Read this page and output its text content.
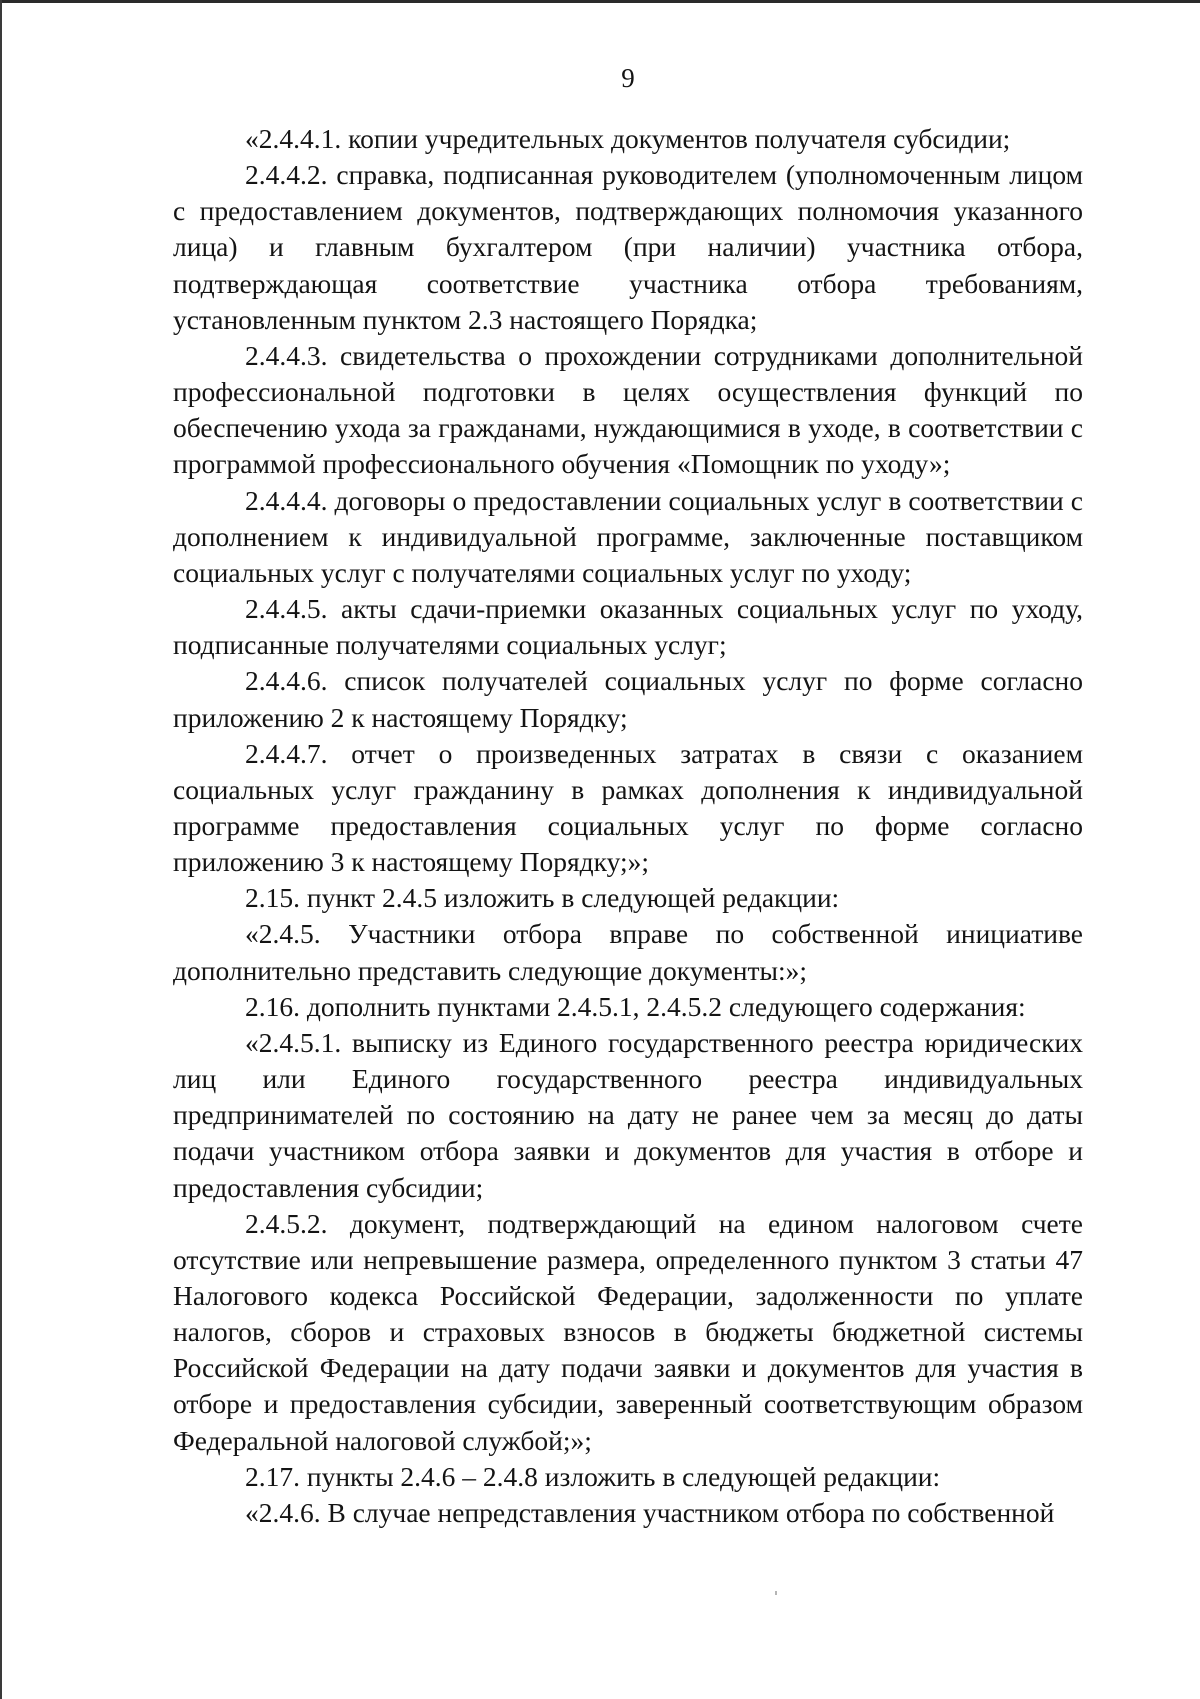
9

«2.4.4.1. копии учредительных документов получателя субсидии;

2.4.4.2. справка, подписанная руководителем (уполномоченным лицом с предоставлением документов, подтверждающих полномочия указанного лица) и главным бухгалтером (при наличии) участника отбора, подтверждающая соответствие участника отбора требованиям, установленным пунктом 2.3 настоящего Порядка;

2.4.4.3. свидетельства о прохождении сотрудниками дополнительной профессиональной подготовки в целях осуществления функций по обеспечению ухода за гражданами, нуждающимися в уходе, в соответствии с программой профессионального обучения «Помощник по уходу»;

2.4.4.4. договоры о предоставлении социальных услуг в соответствии с дополнением к индивидуальной программе, заключенные поставщиком социальных услуг с получателями социальных услуг по уходу;

2.4.4.5. акты сдачи-приемки оказанных социальных услуг по уходу, подписанные получателями социальных услуг;

2.4.4.6. список получателей социальных услуг по форме согласно приложению 2 к настоящему Порядку;

2.4.4.7. отчет о произведенных затратах в связи с оказанием социальных услуг гражданину в рамках дополнения к индивидуальной программе предоставления социальных услуг по форме согласно приложению 3 к настоящему Порядку;»;

2.15. пункт 2.4.5 изложить в следующей редакции:

«2.4.5. Участники отбора вправе по собственной инициативе дополнительно представить следующие документы:»;

2.16. дополнить пунктами 2.4.5.1, 2.4.5.2 следующего содержания:

«2.4.5.1. выписку из Единого государственного реестра юридических лиц или Единого государственного реестра индивидуальных предпринимателей по состоянию на дату не ранее чем за месяц до даты подачи участником отбора заявки и документов для участия в отборе и предоставления субсидии;

2.4.5.2. документ, подтверждающий на едином налоговом счете отсутствие или непревышение размера, определенного пунктом 3 статьи 47 Налогового кодекса Российской Федерации, задолженности по уплате налогов, сборов и страховых взносов в бюджеты бюджетной системы Российской Федерации на дату подачи заявки и документов для участия в отборе и предоставления субсидии, заверенный соответствующим образом Федеральной налоговой службой;»;

2.17. пункты 2.4.6 – 2.4.8 изложить в следующей редакции:

«2.4.6. В случае непредставления участником отбора по собственной
